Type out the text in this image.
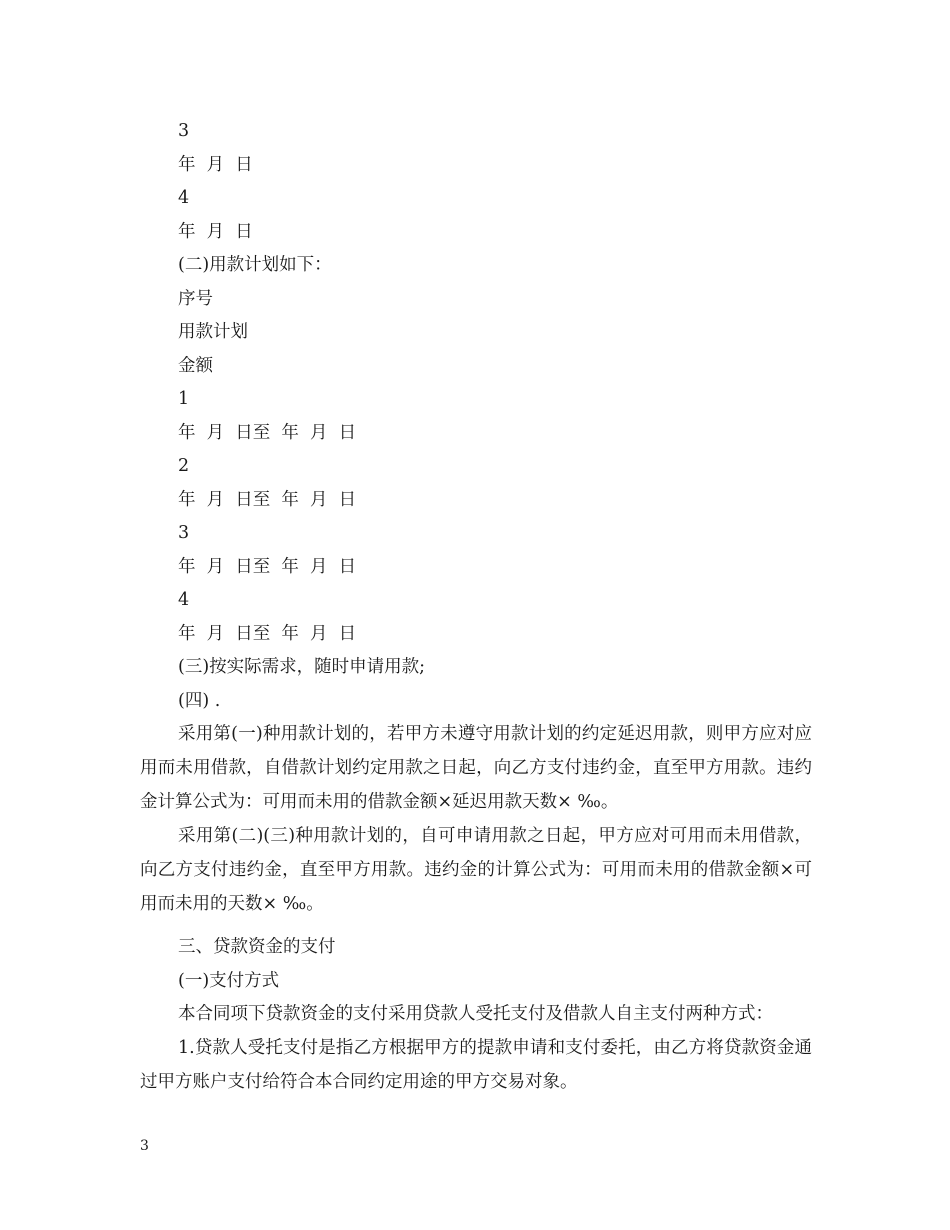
3
年  月  日
4
年  月  日
(二)用款计划如下：
序号
用款计划
金额
1
年  月  日至  年  月  日
2
年  月  日至  年  月  日
3
年  月  日至  年  月  日
4
年  月  日至  年  月  日
(三)按实际需求，随时申请用款;
(四) .
采用第(一)种用款计划的，若甲方未遵守用款计划的约定延迟用款，则甲方应对应用而未用借款，自借款计划约定用款之日起，向乙方支付违约金，直至甲方用款。违约金计算公式为：可用而未用的借款金额×延迟用款天数× ‰。
采用第(二)(三)种用款计划的，自可申请用款之日起，甲方应对可用而未用借款，向乙方支付违约金，直至甲方用款。违约金的计算公式为：可用而未用的借款金额×可用而未用的天数× ‰。
三、贷款资金的支付
(一)支付方式
本合同项下贷款资金的支付采用贷款人受托支付及借款人自主支付两种方式：
1.贷款人受托支付是指乙方根据甲方的提款申请和支付委托，由乙方将贷款资金通过甲方账户支付给符合本合同约定用途的甲方交易对象。
3
